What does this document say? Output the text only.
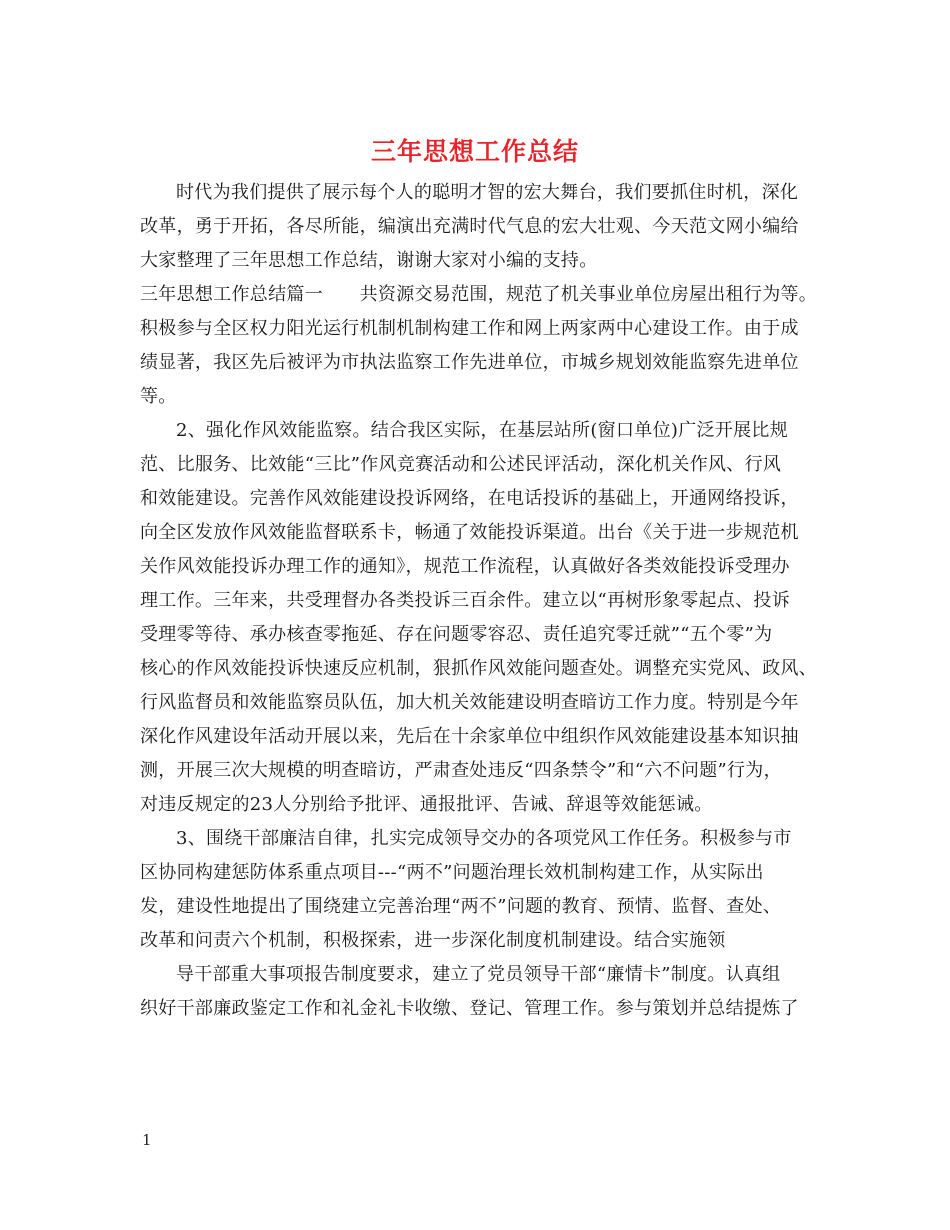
三年思想工作总结
时代为我们提供了展示每个人的聪明才智的宏大舞台，我们要抓住时机，深化
改革，勇于开拓，各尽所能，编演出充满时代气息的宏大壮观、今天范文网小编给
大家整理了三年思想工作总结，谢谢大家对小编的支持。
三年思想工作总结篇一　　共资源交易范围，规范了机关事业单位房屋出租行为等。
积极参与全区权力阳光运行机制机制构建工作和网上两家两中心建设工作。由于成
绩显著，我区先后被评为市执法监察工作先进单位，市城乡规划效能监察先进单位
等。
2、强化作风效能监察。结合我区实际，在基层站所(窗口单位)广泛开展比规
范、比服务、比效能“三比”作风竞赛活动和公述民评活动，深化机关作风、行风
和效能建设。完善作风效能建设投诉网络，在电话投诉的基础上，开通网络投诉，
向全区发放作风效能监督联系卡，畅通了效能投诉渠道。出台《关于进一步规范机
关作风效能投诉办理工作的通知》，规范工作流程，认真做好各类效能投诉受理办
理工作。三年来，共受理督办各类投诉三百余件。建立以“再树形象零起点、投诉
受理零等待、承办核查零拖延、存在问题零容忍、责任追究零迁就”“五个零”为
核心的作风效能投诉快速反应机制，狠抓作风效能问题查处。调整充实党风、政风、
行风监督员和效能监察员队伍，加大机关效能建设明查暗访工作力度。特别是今年
深化作风建设年活动开展以来，先后在十余家单位中组织作风效能建设基本知识抽
测，开展三次大规模的明查暗访，严肃查处违反“四条禁令”和“六不问题”行为，
对违反规定的23人分别给予批评、通报批评、告诫、辞退等效能惩诫。
3、围绕干部廉洁自律，扎实完成领导交办的各项党风工作任务。积极参与市
区协同构建惩防体系重点项目---“两不”问题治理长效机制构建工作，从实际出
发，建设性地提出了围绕建立完善治理“两不”问题的教育、预情、监督、查处、
改革和问责六个机制，积极探索，进一步深化制度机制建设。结合实施领
导干部重大事项报告制度要求，建立了党员领导干部“廉情卡”制度。认真组
织好干部廉政鉴定工作和礼金礼卡收缴、登记、管理工作。参与策划并总结提炼了
1
